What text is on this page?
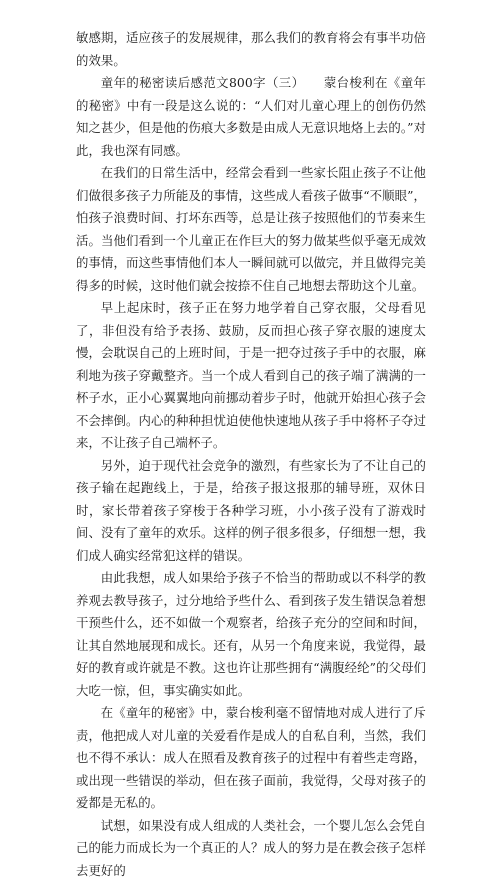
敏感期，适应孩子的发展规律，那么我们的教育将会有事半功倍的效果。

童年的秘密读后感范文800字（三）　　蒙台梭利在《童年的秘密》中有一段是这么说的：“人们对儿童心理上的创伤仍然知之甚少，但是他的伤痕大多数是由成人无意识地烙上去的。”对此，我也深有同感。

在我们的日常生活中，经常会看到一些家长阻止孩子不让他们做很多孩子力所能及的事情，这些成人看孩子做事“不顺眼”，怕孩子浪费时间、打坏东西等，总是让孩子按照他们的节奏来生活。当他们看到一个儿童正在作巨大的努力做某些似乎毫无成效的事情，而这些事情他们本人一瞬间就可以做完，并且做得完美得多的时候，这时他们就会按捺不住自己地想去帮助这个儿童。

早上起床时，孩子正在努力地学着自己穿衣服，父母看见了，非但没有给予表扬、鼓励，反而担心孩子穿衣服的速度太慢，会耽误自己的上班时间，于是一把夺过孩子手中的衣服，麻利地为孩子穿戴整齐。当一个成人看到自己的孩子端了满满的一杯子水，正小心翼翼地向前挪动着步子时，他就开始担心孩子会不会摔倒。内心的种种担忧迫使他快速地从孩子手中将杯子夺过来，不让孩子自己端杯子。

另外，迫于现代社会竞争的激烈，有些家长为了不让自己的孩子输在起跑线上，于是，给孩子报这报那的辅导班，双休日时，家长带着孩子穿梭于各种学习班，小小孩子没有了游戏时间、没有了童年的欢乐。这样的例子很多很多，仔细想一想，我们成人确实经常犯这样的错误。

由此我想，成人如果给予孩子不恰当的帮助或以不科学的教养观去教导孩子，过分地给予些什么、看到孩子发生错误急着想干预些什么，还不如做一个观察者，给孩子充分的空间和时间，让其自然地展现和成长。还有，从另一个角度来说，我觉得，最好的教育或许就是不教。这也许让那些拥有“满腹经纶”的父母们大吃一惊，但，事实确实如此。

在《童年的秘密》中，蒙台梭利毫不留情地对成人进行了斥责，他把成人对儿童的关爱看作是成人的自私自利，当然，我们也不得不承认：成人在照看及教育孩子的过程中有着些走弯路，或出现一些错误的举动，但在孩子面前，我觉得，父母对孩子的爱都是无私的。

试想，如果没有成人组成的人类社会，一个婴儿怎么会凭自己的能力而成长为一个真正的人？成人的努力是在教会孩子怎样去更好的
